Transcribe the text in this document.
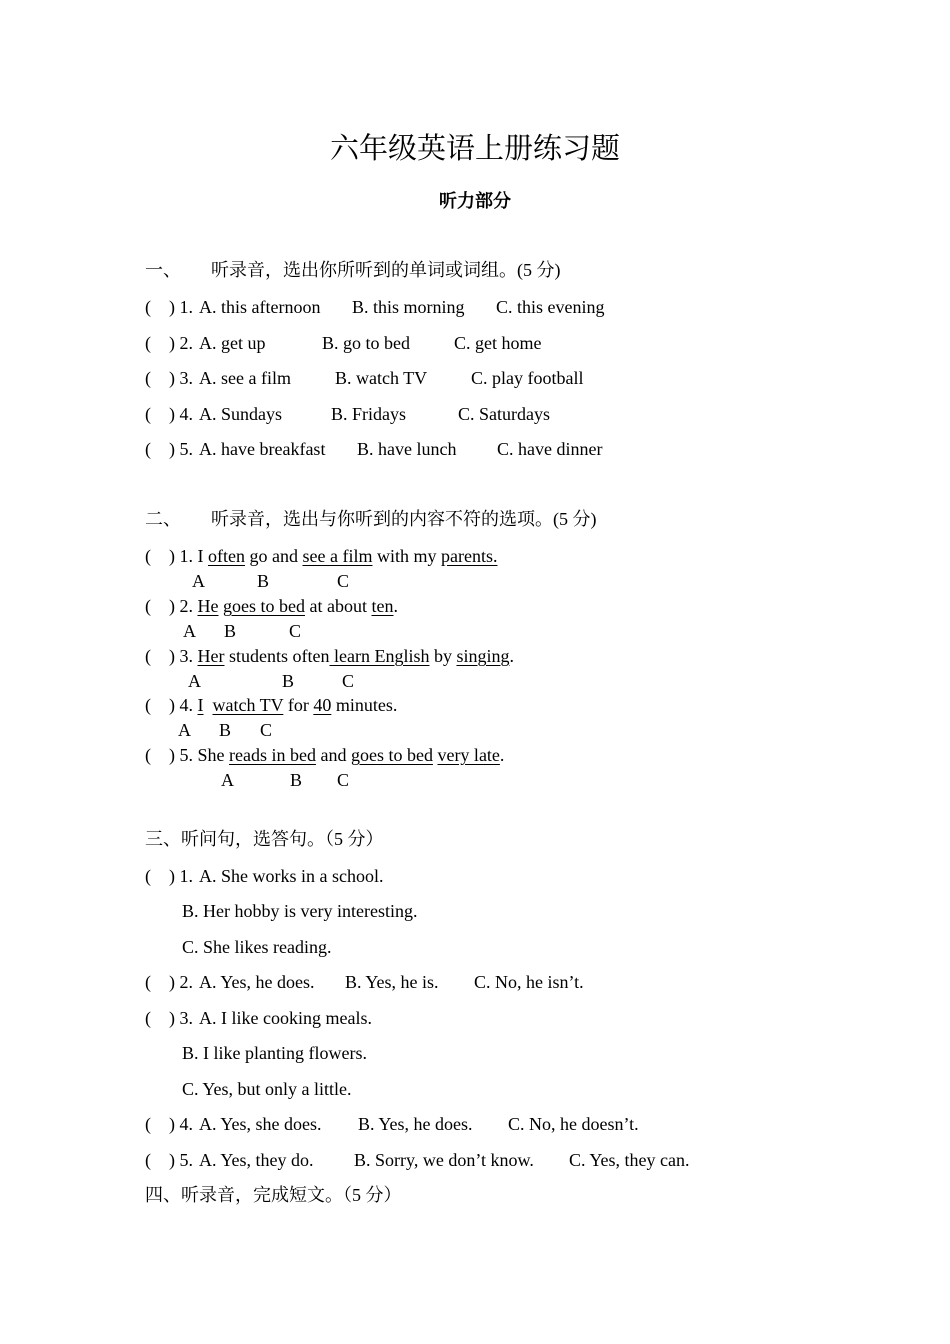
六年级英语上册练习题
听力部分
一、 听录音，选出你所听到的单词或词组。(5 分)
( ) 1. A. this afternoon B. this morning C. this evening
( ) 2. A. get up	B. go to bed C. get home
( ) 3. A. see a film B. watch TV C. play football
( ) 4. A. Sundays	B. Fridays	C. Saturdays
( ) 5. A. have breakfast B. have lunch C. have dinner
二、 听录音，选出与你听到的内容不符的选项。(5 分)
( ) 1. I often go and see a film with my parents.
A	B	C
( ) 2. He goes to bed at about ten.
A B	C
( ) 3. Her students often learn English by singing.
A	B	C
( ) 4. I watch TV for 40 minutes.
A B C
( ) 5. She reads in bed and goes to bed very late.
A	B C
三、听问句，选答句。（5 分）
( ) 1. A. She works in a school.
B. Her hobby is very interesting.
C. She likes reading.
( ) 2. A. Yes, he does. B. Yes, he is. C. No, he isn’t.
( ) 3. A. I like cooking meals.
B. I like planting flowers.
C. Yes, but only a little.
( ) 4. A. Yes, she does. B. Yes, he does. C. No, he doesn’t.
( ) 5. A. Yes, they do. B. Sorry, we don’t know. C. Yes, they can.
四、听录音，完成短文。（5 分）
